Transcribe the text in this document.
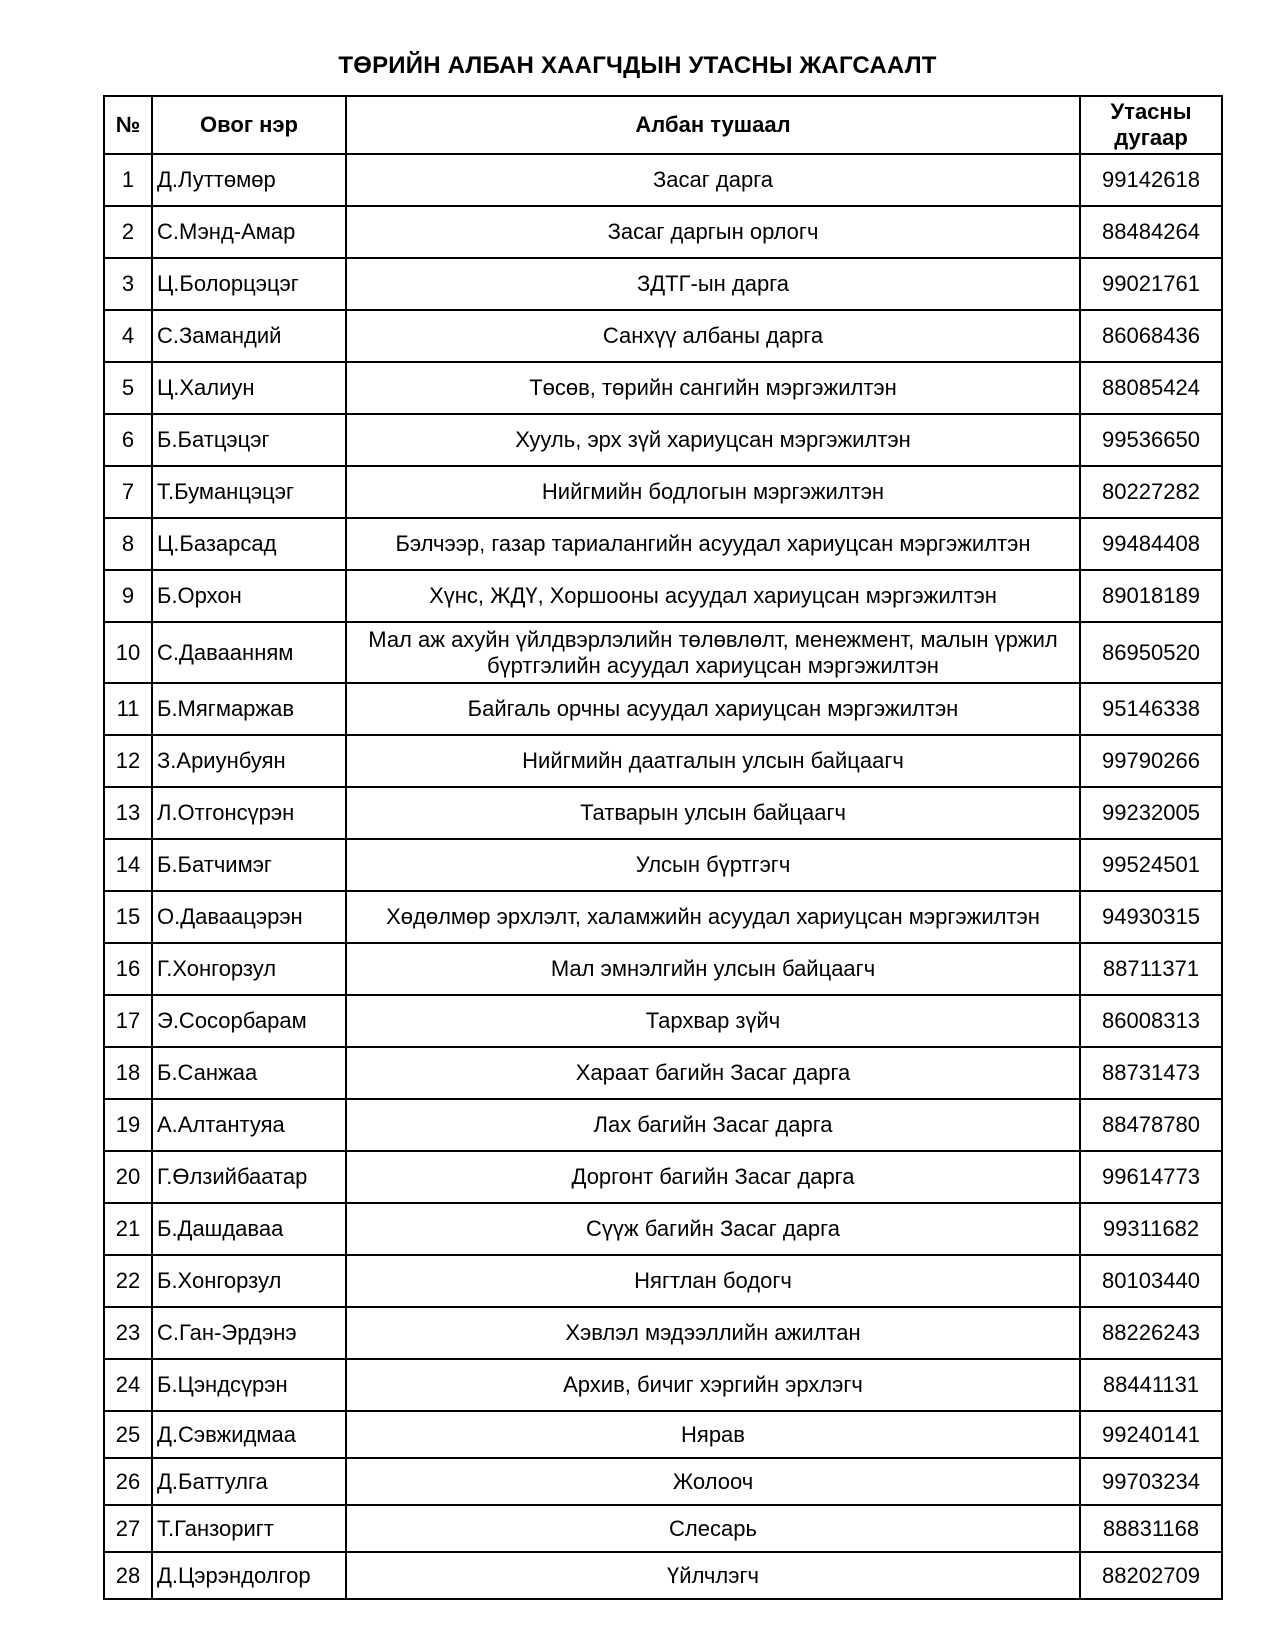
ТӨРИЙН АЛБАН ХААГЧДЫН УТАСНЫ ЖАГСААЛТ
№	Овог нэр	Албан тушаал	Утасны дугаар
1	Д.Луттөмөр	Засаг дарга	99142618
2	С.Мэнд-Амар	Засаг даргын орлогч	88484264
3	Ц.Болорцэцэг	ЗДТГ-ын дарга	99021761
4	С.Замандий	Санхүү албаны дарга	86068436
5	Ц.Халиун	Төсөв, төрийн сангийн мэргэжилтэн	88085424
6	Б.Батцэцэг	Хууль, эрх зүй хариуцсан мэргэжилтэн	99536650
7	Т.Буманцэцэг	Нийгмийн бодлогын мэргэжилтэн	80227282
8	Ц.Базарсад	Бэлчээр, газар тариалангийн асуудал хариуцсан мэргэжилтэн	99484408
9	Б.Орхон	Хүнс, ЖДҮ, Хоршооны асуудал хариуцсан мэргэжилтэн	89018189
10	С.Даваанням	Мал аж ахуйн үйлдвэрлэлийн төлөвлөлт, менежмент, малын үржил бүртгэлийн асуудал хариуцсан мэргэжилтэн	86950520
11	Б.Мягмаржав	Байгаль орчны асуудал хариуцсан мэргэжилтэн	95146338
12	З.Ариунбуян	Нийгмийн даатгалын улсын байцаагч	99790266
13	Л.Отгонсүрэн	Татварын улсын байцаагч	99232005
14	Б.Батчимэг	Улсын бүртгэгч	99524501
15	О.Даваацэрэн	Хөдөлмөр эрхлэлт, халамжийн асуудал хариуцсан мэргэжилтэн	94930315
16	Г.Хонгорзул	Мал эмнэлгийн улсын байцаагч	88711371
17	Э.Сосорбарам	Тархвар зүйч	86008313
18	Б.Санжаа	Хараат багийн Засаг дарга	88731473
19	А.Алтантуяа	Лах багийн Засаг дарга	88478780
20	Г.Өлзийбаатар	Доргонт багийн Засаг дарга	99614773
21	Б.Дашдаваа	Сүүж багийн Засаг дарга	99311682
22	Б.Хонгорзул	Нягтлан бодогч	80103440
23	С.Ган-Эрдэнэ	Хэвлэл мэдээллийн ажилтан	88226243
24	Б.Цэндсүрэн	Архив, бичиг хэргийн эрхлэгч	88441131
25	Д.Сэвжидмаа	Нярав	99240141
26	Д.Баттулга	Жолооч	99703234
27	Т.Ганзоригт	Слесарь	88831168
28	Д.Цэрэндолгор	Үйлчлэгч	88202709
